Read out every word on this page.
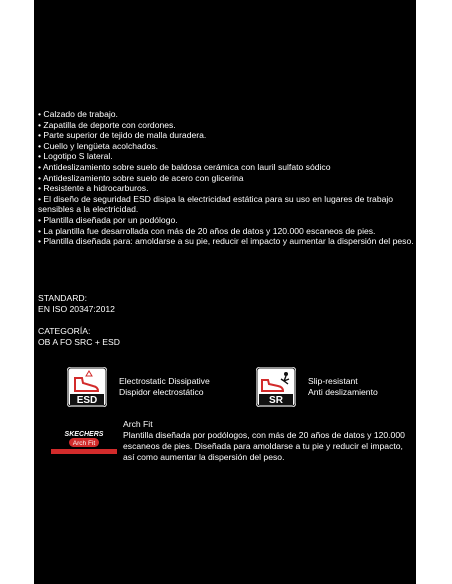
• Calzado de trabajo.
• Zapatilla de deporte con cordones.
• Parte superior de tejido de malla duradera.
• Cuello y lengüeta acolchados.
• Logotipo S lateral.
• Antideslizamiento sobre suelo de baldosa cerámica con lauril sulfato sódico
• Antideslizamiento sobre suelo de acero con glicerina
• Resistente a hidrocarburos.
• El diseño de seguridad ESD disipa la electricidad estática para su uso en lugares de trabajo sensibles a la electricidad.
• Plantilla diseñada por un podólogo.
• La plantilla fue desarrollada con más de 20 años de datos y 120.000 escaneos de pies.
• Plantilla diseñada para: amoldarse a su pie, reducir el impacto y aumentar la dispersión del peso.
STANDARD:
EN ISO 20347:2012
CATEGORÍA:
OB A FO SRC + ESD
ESD
Electrostatic Dissipative
Dispidor electrostático
SR
Slip-resistant
Anti deslizamiento
SKECHERS
Arch Fit
Arch Fit
Plantilla diseñada por podólogos, con más de 20 años de datos y 120.000 escaneos de pies. Diseñada para amoldarse a tu pie y reducir el impacto, así como aumentar la dispersión del peso.
